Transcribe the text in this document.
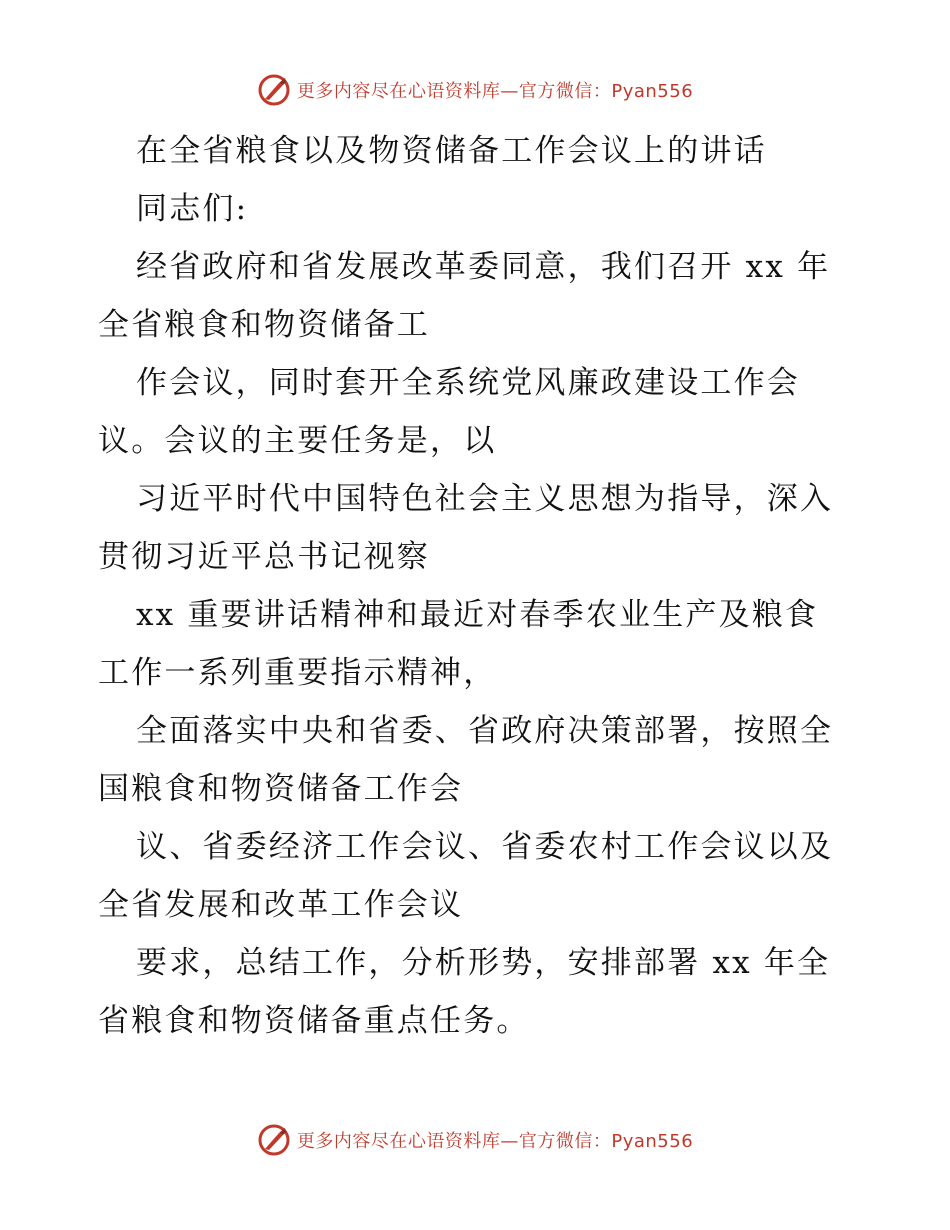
更多内容尽在心语资料库—官方微信：Pyan556

在全省粮食以及物资储备工作会议上的讲话

同志们:

经省政府和省发展改革委同意，我们召开 xx 年

全省粮食和物资储备工

作会议，同时套开全系统党风廉政建设工作会

议。会议的主要任务是，以

习近平时代中国特色社会主义思想为指导，深入

贯彻习近平总书记视察

xx 重要讲话精神和最近对春季农业生产及粮食

工作一系列重要指示精神，

全面落实中央和省委、省政府决策部署，按照全

国粮食和物资储备工作会

议、省委经济工作会议、省委农村工作会议以及

全省发展和改革工作会议

要求，总结工作，分析形势，安排部署 xx 年全

省粮食和物资储备重点任务。

更多内容尽在心语资料库—官方微信：Pyan556
